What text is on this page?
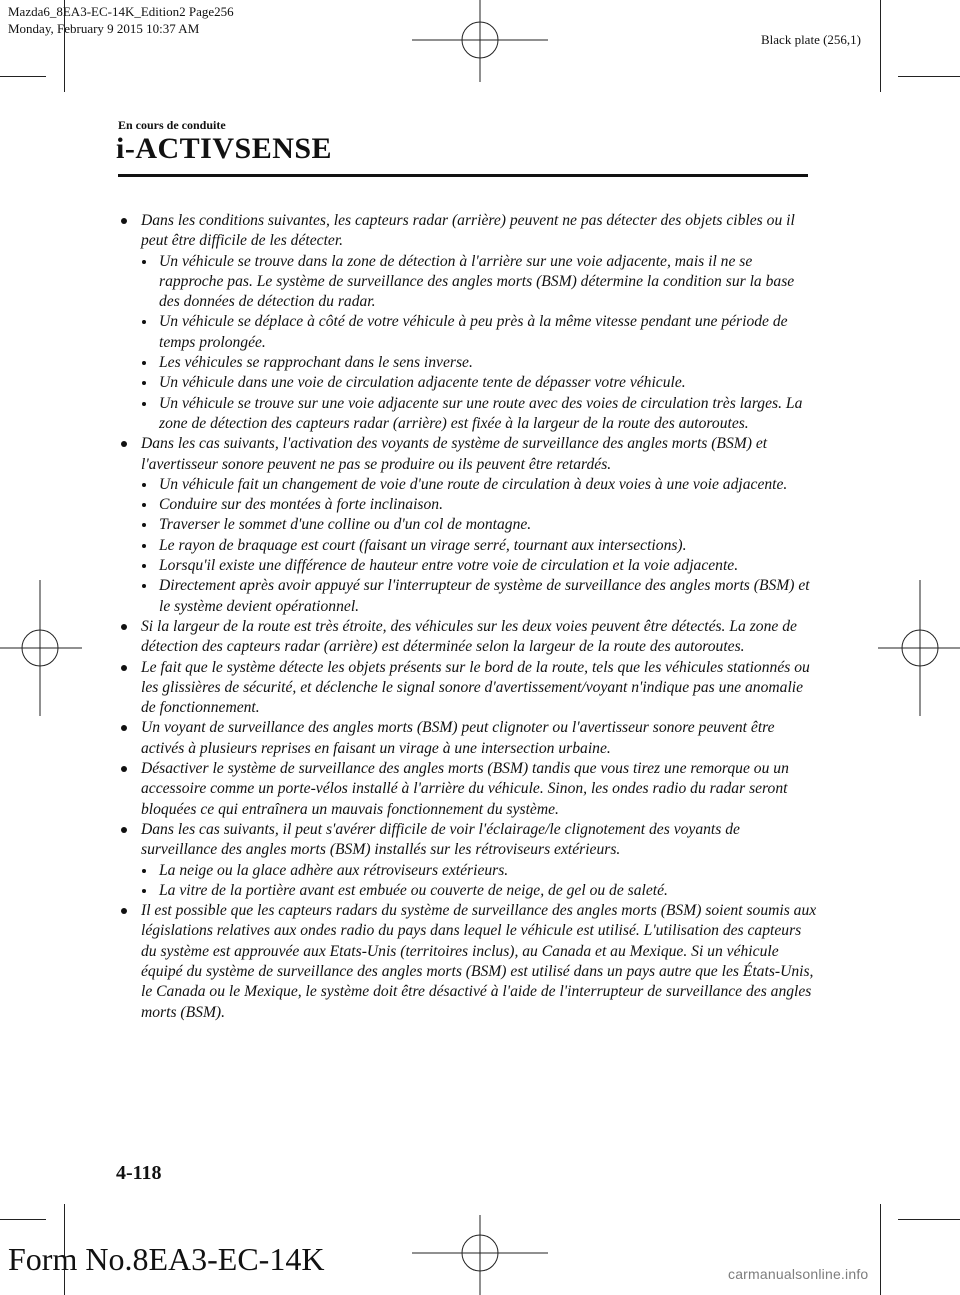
Mazda6_8EA3-EC-14K_Edition2 Page256
Monday, February 9 2015 10:37 AM
Black plate (256,1)
En cours de conduite
i-ACTIVSENSE
Dans les conditions suivantes, les capteurs radar (arrière) peuvent ne pas détecter des objets cibles ou il peut être difficile de les détecter.
Un véhicule se trouve dans la zone de détection à l'arrière sur une voie adjacente, mais il ne se rapproche pas. Le système de surveillance des angles morts (BSM) détermine la condition sur la base des données de détection du radar.
Un véhicule se déplace à côté de votre véhicule à peu près à la même vitesse pendant une période de temps prolongée.
Les véhicules se rapprochant dans le sens inverse.
Un véhicule dans une voie de circulation adjacente tente de dépasser votre véhicule.
Un véhicule se trouve sur une voie adjacente sur une route avec des voies de circulation très larges. La zone de détection des capteurs radar (arrière) est fixée à la largeur de la route des autoroutes.
Dans les cas suivants, l'activation des voyants de système de surveillance des angles morts (BSM) et l'avertisseur sonore peuvent ne pas se produire ou ils peuvent être retardés.
Un véhicule fait un changement de voie d'une route de circulation à deux voies à une voie adjacente.
Conduire sur des montées à forte inclinaison.
Traverser le sommet d'une colline ou d'un col de montagne.
Le rayon de braquage est court (faisant un virage serré, tournant aux intersections).
Lorsqu'il existe une différence de hauteur entre votre voie de circulation et la voie adjacente.
Directement après avoir appuyé sur l'interrupteur de système de surveillance des angles morts (BSM) et le système devient opérationnel.
Si la largeur de la route est très étroite, des véhicules sur les deux voies peuvent être détectés. La zone de détection des capteurs radar (arrière) est déterminée selon la largeur de la route des autoroutes.
Le fait que le système détecte les objets présents sur le bord de la route, tels que les véhicules stationnés ou les glissières de sécurité, et déclenche le signal sonore d'avertissement/voyant n'indique pas une anomalie de fonctionnement.
Un voyant de surveillance des angles morts (BSM) peut clignoter ou l'avertisseur sonore peuvent être activés à plusieurs reprises en faisant un virage à une intersection urbaine.
Désactiver le système de surveillance des angles morts (BSM) tandis que vous tirez une remorque ou un accessoire comme un porte-vélos installé à l'arrière du véhicule. Sinon, les ondes radio du radar seront bloquées ce qui entraînera un mauvais fonctionnement du système.
Dans les cas suivants, il peut s'avérer difficile de voir l'éclairage/le clignotement des voyants de surveillance des angles morts (BSM) installés sur les rétroviseurs extérieurs.
La neige ou la glace adhère aux rétroviseurs extérieurs.
La vitre de la portière avant est embuée ou couverte de neige, de gel ou de saleté.
Il est possible que les capteurs radars du système de surveillance des angles morts (BSM) soient soumis aux législations relatives aux ondes radio du pays dans lequel le véhicule est utilisé. L'utilisation des capteurs du système est approuvée aux Etats-Unis (territoires inclus), au Canada et au Mexique. Si un véhicule équipé du système de surveillance des angles morts (BSM) est utilisé dans un pays autre que les États-Unis, le Canada ou le Mexique, le système doit être désactivé à l'aide de l'interrupteur de surveillance des angles morts (BSM).
4-118
Form No.8EA3-EC-14K	carmanualsonline.info
